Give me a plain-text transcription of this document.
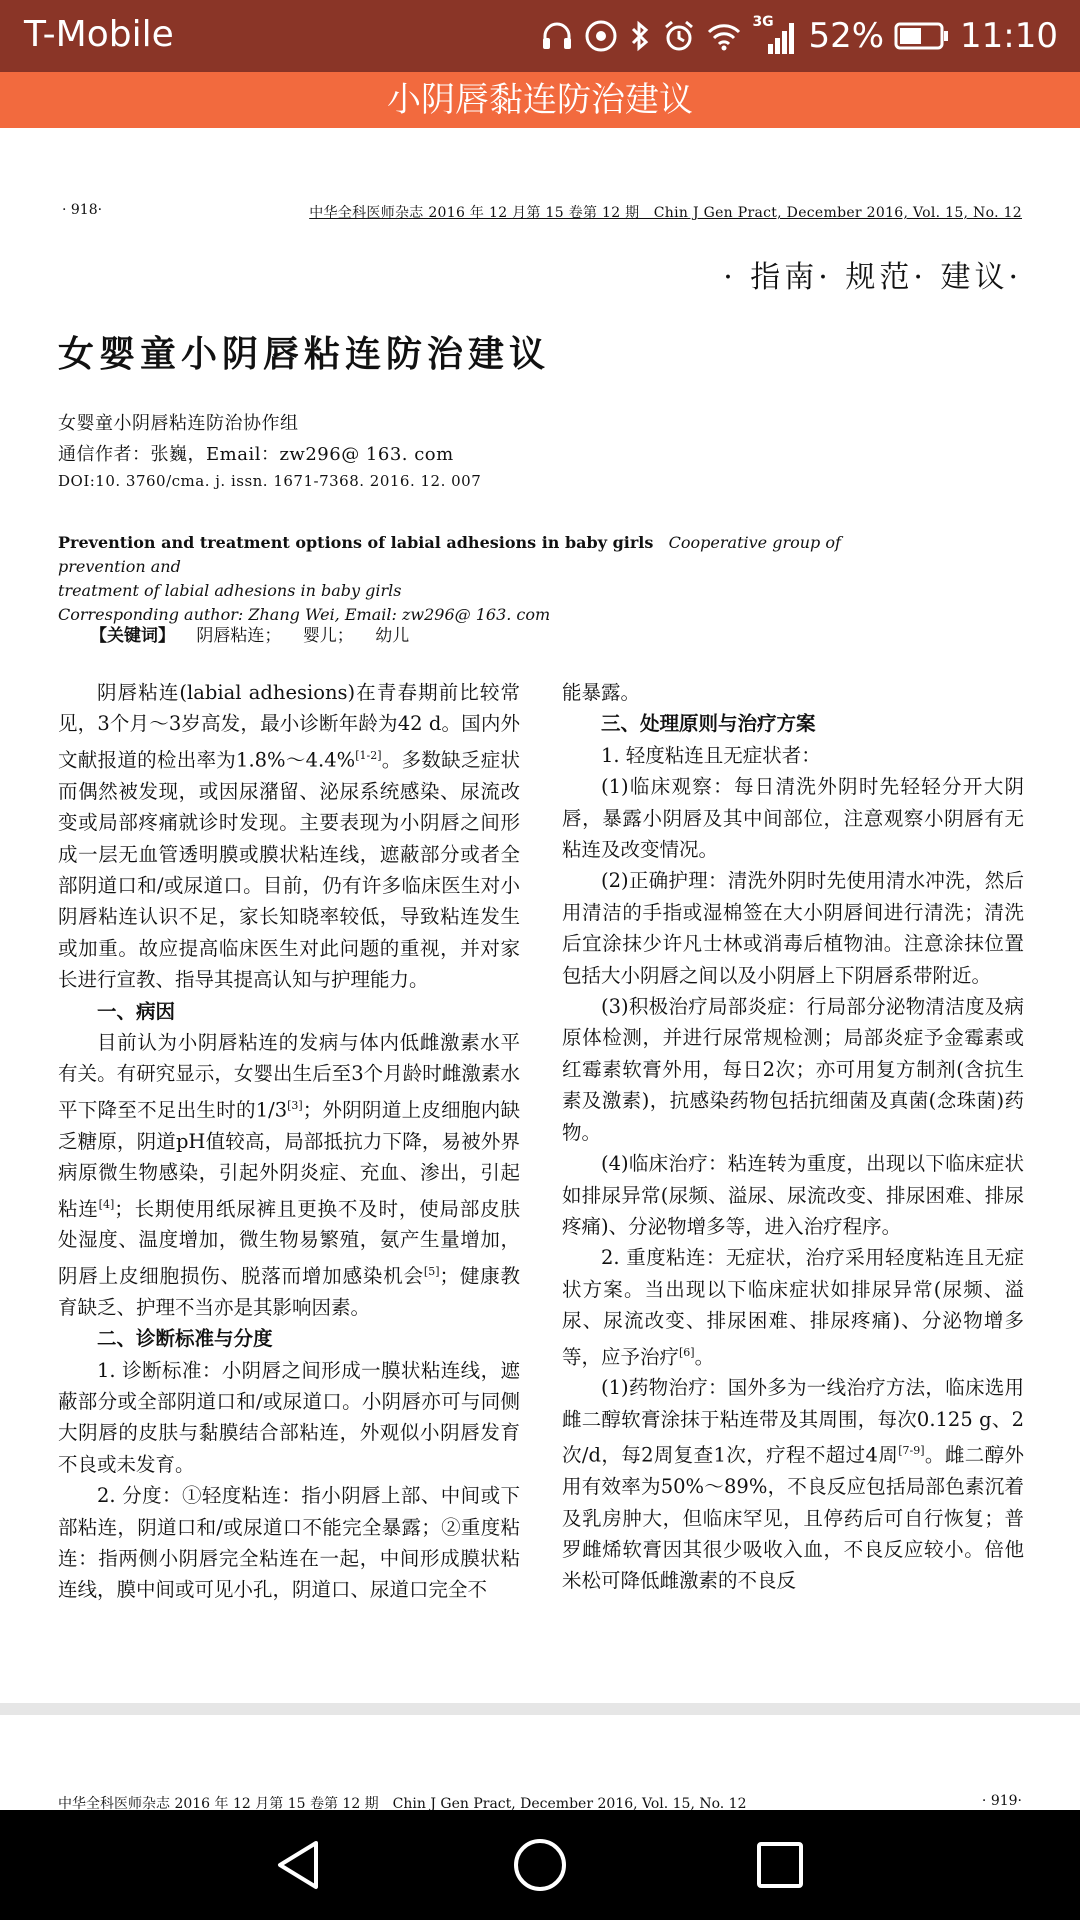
T-Mobile	3G 52% 11:10
小阴唇黏连防治建议
· 918·	中华全科医师杂志 2016 年 12 月第 15 卷第 12 期　Chin J Gen Pract, December 2016, Vol. 15, No. 12
· 指南· 规范· 建议·
女婴童小阴唇粘连防治建议
女婴童小阴唇粘连防治协作组
通信作者：张巍，Email：zw296@ 163. com
DOI:10. 3760/cma. j. issn. 1671-7368. 2016. 12. 007
Prevention and treatment options of labial adhesions in baby girls Cooperative group of prevention and
treatment of labial adhesions in baby girls
Corresponding author: Zhang Wei, Email: zw296@ 163. com
【关键词】 阴唇粘连； 婴儿； 幼儿

阴唇粘连(labial adhesions)在青春期前比较常见，3个月～3岁高发，最小诊断年龄为42 d。国内外文献报道的检出率为1.8%～4.4%[1-2]。多数缺乏症状而偶然被发现，或因尿潴留、泌尿系统感染、尿流改变或局部疼痛就诊时发现。主要表现为小阴唇之间形成一层无血管透明膜或膜状粘连线，遮蔽部分或者全部阴道口和/或尿道口。目前，仍有许多临床医生对小阴唇粘连认识不足，家长知晓率较低，导致粘连发生或加重。故应提高临床医生对此问题的重视，并对家长进行宣教、指导其提高认知与护理能力。

一、病因

目前认为小阴唇粘连的发病与体内低雌激素水平有关。有研究显示，女婴出生后至3个月龄时雌激素水平下降至不足出生时的1/3[3]；外阴阴道上皮细胞内缺乏糖原，阴道pH值较高，局部抵抗力下降，易被外界病原微生物感染，引起外阴炎症、充血、渗出，引起粘连[4]；长期使用纸尿裤且更换不及时，使局部皮肤处湿度、温度增加，微生物易繁殖，氨产生量增加，阴唇上皮细胞损伤、脱落而增加感染机会[5]；健康教育缺乏、护理不当亦是其影响因素。

二、诊断标准与分度

1. 诊断标准：小阴唇之间形成一膜状粘连线，遮蔽部分或全部阴道口和/或尿道口。小阴唇亦可与同侧大阴唇的皮肤与黏膜结合部粘连，外观似小阴唇发育不良或未发育。

2. 分度：①轻度粘连：指小阴唇上部、中间或下部粘连，阴道口和/或尿道口不能完全暴露；②重度粘连：指两侧小阴唇完全粘连在一起，中间形成膜状粘连线，膜中间或可见小孔，阴道口、尿道口完全不

能暴露。

三、处理原则与治疗方案

1. 轻度粘连且无症状者：

(1)临床观察：每日清洗外阴时先轻轻分开大阴唇，暴露小阴唇及其中间部位，注意观察小阴唇有无粘连及改变情况。

(2)正确护理：清洗外阴时先使用清水冲洗，然后用清洁的手指或湿棉签在大小阴唇间进行清洗；清洗后宜涂抹少许凡士林或消毒后植物油。注意涂抹位置包括大小阴唇之间以及小阴唇上下阴唇系带附近。

(3)积极治疗局部炎症：行局部分泌物清洁度及病原体检测，并进行尿常规检测；局部炎症予金霉素或红霉素软膏外用，每日2次；亦可用复方制剂(含抗生素及激素)，抗感染药物包括抗细菌及真菌(念珠菌)药物。

(4)临床治疗：粘连转为重度，出现以下临床症状如排尿异常(尿频、溢尿、尿流改变、排尿困难、排尿疼痛)、分泌物增多等，进入治疗程序。

2. 重度粘连：无症状，治疗采用轻度粘连且无症状方案。当出现以下临床症状如排尿异常(尿频、溢尿、尿流改变、排尿困难、排尿疼痛)、分泌物增多等，应予治疗[6]。

(1)药物治疗：国外多为一线治疗方法，临床选用雌二醇软膏涂抹于粘连带及其周围，每次0.125 g、2次/d，每2周复查1次，疗程不超过4周[7-9]。雌二醇外用有效率为50%～89%，不良反应包括局部色素沉着及乳房肿大，但临床罕见，且停药后可自行恢复；普罗雌烯软膏因其很少吸收入血，不良反应较小。倍他米松可降低雌激素的不良反

中华全科医师杂志 2016 年 12 月第 15 卷第 12 期　Chin J Gen Pract, December 2016, Vol. 15, No. 12	· 919·
